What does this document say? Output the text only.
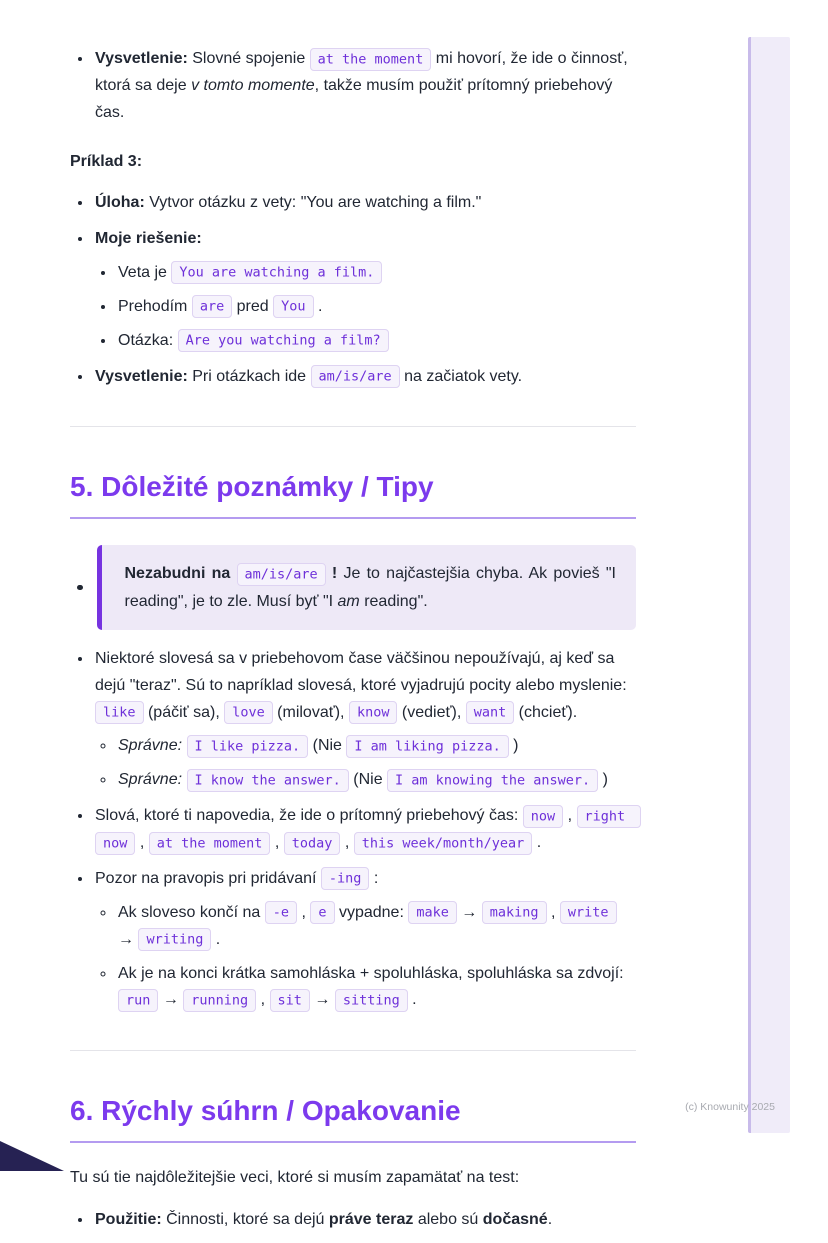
• Vysvetlenie: Slovné spojenie at the moment mi hovorí, že ide o činnosť, ktorá sa deje v tomto momente, takže musím použiť prítomný priebehový čas.

Príklad 3:

• Úloha: Vytvor otázku z vety: "You are watching a film."
• Moje riešenie:
• Veta je You are watching a film.
• Prehodím are pred You .
• Otázka: Are you watching a film?
• Vysvetlenie: Pri otázkach ide am/is/are na začiatok vety.
5. Dôležité poznámky / Tipy
Nezabudni na am/is/are ! Je to najčastejšia chyba. Ak povieš "I reading", je to zle. Musí byť "I am reading".
• Niektoré slovesá sa v priebehovom čase väčšinou nepoužívajú, aj keď sa dejú "teraz". Sú to napríklad slovesá, ktoré vyjadrujú pocity alebo myslenie: like (páčiť sa), love (milovať), know (vedieť), want (chcieť).
◦ Správne: I like pizza. (Nie I am liking pizza. )
◦ Správne: I know the answer. (Nie I am knowing the answer. )
• Slová, ktoré ti napovedia, že ide o prítomný priebehový čas: now , right now , at the moment , today , this week/month/year .
• Pozor na pravopis pri pridávaní -ing :
◦ Ak sloveso končí na -e , e vypadne: make → making , write → writing .
◦ Ak je na konci krátka samohláska + spoluhláska, spoluhláska sa zdvojí: run → running , sit → sitting .
6. Rýchly súhrn / Opakovanie

Tu sú tie najdôležitejšie veci, ktoré si musím zapamätať na test:

• Použitie: Činnosti, ktoré sa dejú práve teraz alebo sú dočasné.
(c) Knowunity 2025
